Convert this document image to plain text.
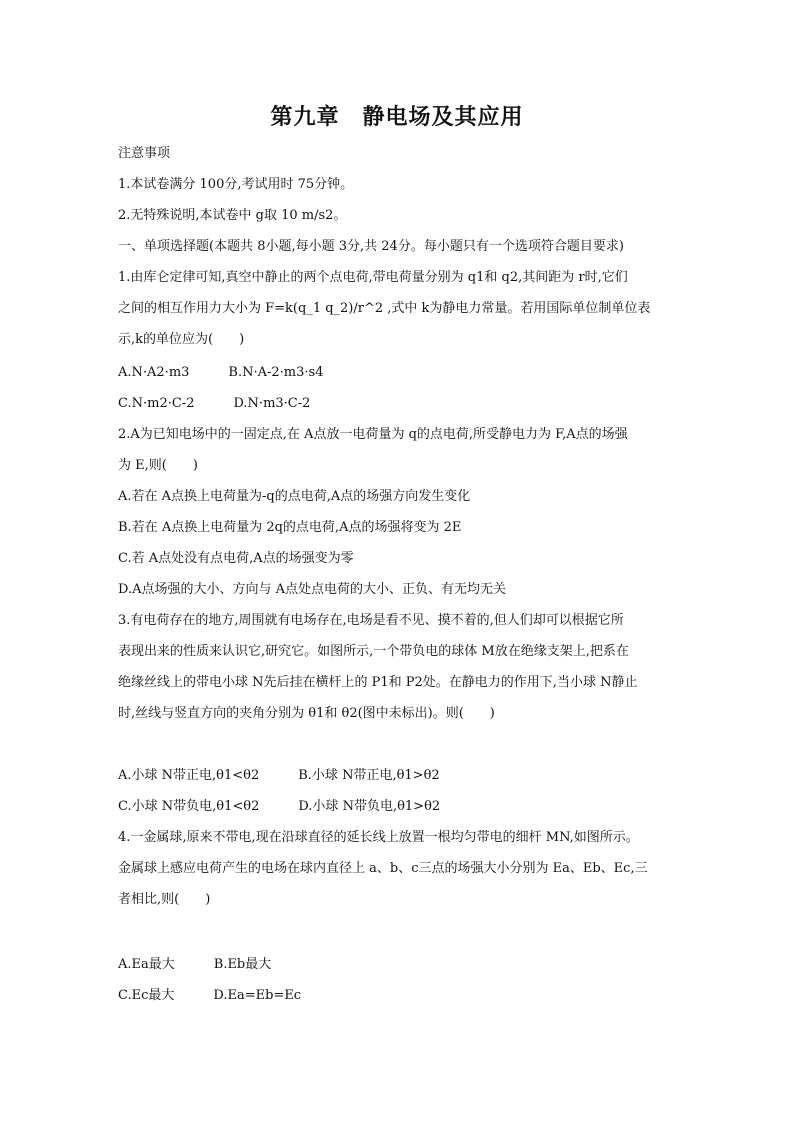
第九章　静电场及其应用
注意事项
1.本试卷满分 100分,考试用时 75分钟。
2.无特殊说明,本试卷中 g取 10 m/s2。
一、单项选择题(本题共 8小题,每小题 3分,共 24分。每小题只有一个选项符合题目要求)
1.由库仑定律可知,真空中静止的两个点电荷,带电荷量分别为 q1和 q2,其间距为 r时,它们
之间的相互作用力大小为 F=k(q_1 q_2)/r^2 ,式中 k为静电力常量。若用国际单位制单位表
示,k的单位应为(　　)
A.N·A2·m3　　　B.N·A-2·m3·s4
C.N·m2·C-2　　　D.N·m3·C-2
2.A为已知电场中的一固定点,在 A点放一电荷量为 q的点电荷,所受静电力为 F,A点的场强
为 E,则(　　)
A.若在 A点换上电荷量为-q的点电荷,A点的场强方向发生变化
B.若在 A点换上电荷量为 2q的点电荷,A点的场强将变为 2E
C.若 A点处没有点电荷,A点的场强变为零
D.A点场强的大小、方向与 A点处点电荷的大小、正负、有无均无关
3.有电荷存在的地方,周围就有电场存在,电场是看不见、摸不着的,但人们却可以根据它所
表现出来的性质来认识它,研究它。如图所示,一个带负电的球体 M放在绝缘支架上,把系在
绝缘丝线上的带电小球 N先后挂在横杆上的 P1和 P2处。在静电力的作用下,当小球 N静止
时,丝线与竖直方向的夹角分别为 θ1和 θ2(图中未标出)。则(　　)
A.小球 N带正电,θ1<θ2　　　B.小球 N带正电,θ1>θ2
C.小球 N带负电,θ1<θ2　　　D.小球 N带负电,θ1>θ2
4.一金属球,原来不带电,现在沿球直径的延长线上放置一根均匀带电的细杆 MN,如图所示。
金属球上感应电荷产生的电场在球内直径上 a、b、c三点的场强大小分别为 Ea、Eb、Ec,三
者相比,则(　　)
A.Ea最大　　　B.Eb最大
C.Ec最大　　　D.Ea=Eb=Ec
